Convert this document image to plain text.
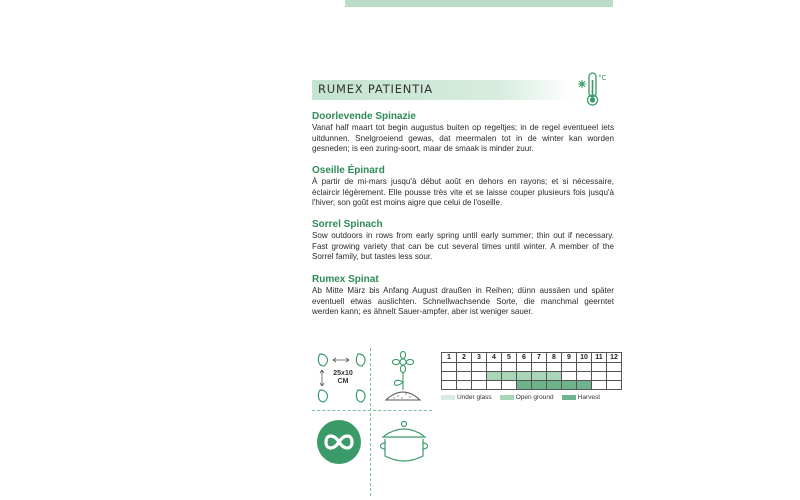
RUMEX PATIENTIA
°C
Doorlevende Spinazie

Vanaf half maart tot begin augustus buiten op regeltjes; in de regel eventueel iets uitdunnen. Snelgroeiend gewas, dat meermalen tot in de winter kan worden gesneden; is een zuring-soort, maar de smaak is minder zuur.

Oseille Épinard

À partir de mi-mars jusqu'à début août en dehors en rayons; et si nécessaire, éclaircir légèrement. Elle pousse très vite et se laisse couper plusieurs fois jusqu'à l'hiver; son goût est moins aigre que celui de l'oseille.

Sorrel Spinach

Sow outdoors in rows from early spring until early summer; thin out if necessary. Fast growing variety that can be cut several times until winter. A member of the Sorrel family, but tastes less sour.

Rumex Spinat

Ab Mitte März bis Anfang August draußen in Reihen; dünn aussäen und später eventuell etwas auslichten. Schnellwachsende Sorte, die manchmal geerntet werden kann; es ähnelt Sauer-ampfer, aber ist weniger sauer.

25x10
CM
1	2	3	4	5	6	7	8	9	10	11	12

Under glass	Open ground	Harvest
